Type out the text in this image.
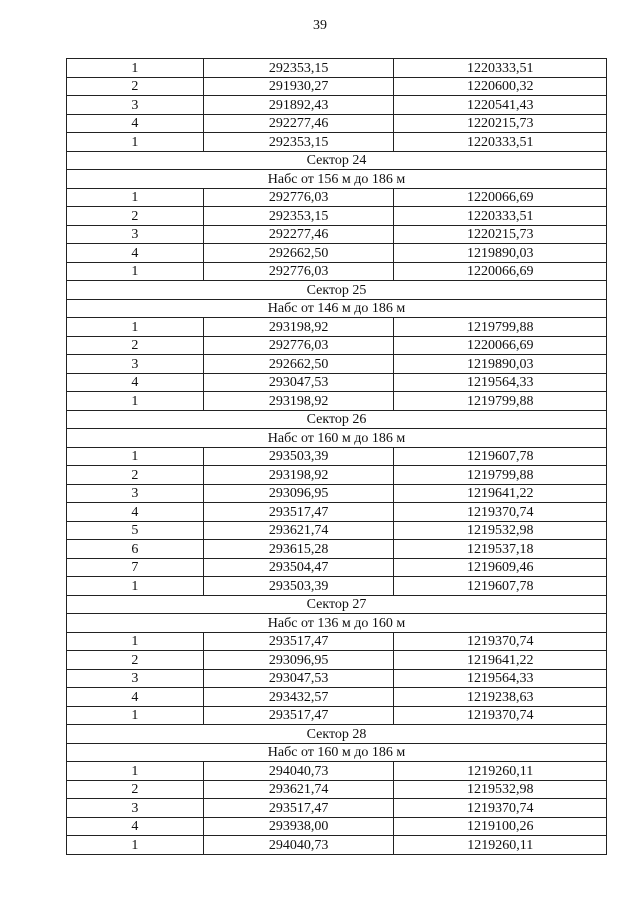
39
1	292353,15	1220333,51
2	291930,27	1220600,32
3	291892,43	1220541,43
4	292277,46	1220215,73
1	292353,15	1220333,51
Сектор 24		
Набс от 156 м до 186 м		
1	292776,03	1220066,69
2	292353,15	1220333,51
3	292277,46	1220215,73
4	292662,50	1219890,03
1	292776,03	1220066,69
Сектор 25		
Набс от 146 м до 186 м		
1	293198,92	1219799,88
2	292776,03	1220066,69
3	292662,50	1219890,03
4	293047,53	1219564,33
1	293198,92	1219799,88
Сектор 26		
Набс от 160 м до 186 м		
1	293503,39	1219607,78
2	293198,92	1219799,88
3	293096,95	1219641,22
4	293517,47	1219370,74
5	293621,74	1219532,98
6	293615,28	1219537,18
7	293504,47	1219609,46
1	293503,39	1219607,78
Сектор 27		
Набс от 136 м до 160 м		
1	293517,47	1219370,74
2	293096,95	1219641,22
3	293047,53	1219564,33
4	293432,57	1219238,63
1	293517,47	1219370,74
Сектор 28		
Набс от 160 м до 186 м		
1	294040,73	1219260,11
2	293621,74	1219532,98
3	293517,47	1219370,74
4	293938,00	1219100,26
1	294040,73	1219260,11
